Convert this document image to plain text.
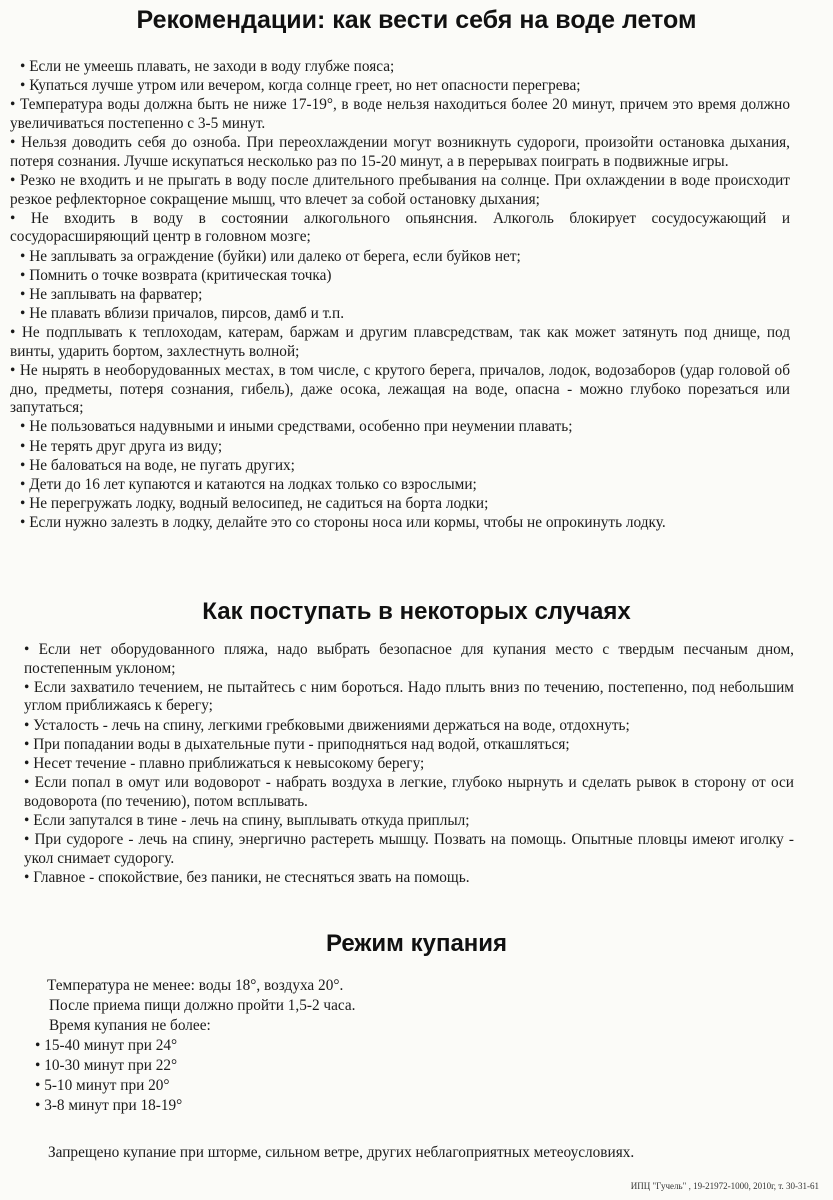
Рекомендации: как вести себя на воде летом

• Если не умеешь плавать, не заходи в воду глубже пояса;

• Купаться лучше утром или вечером, когда солнце греет, но нет опасности перегрева;

• Температура воды должна быть не ниже 17-19°, в воде нельзя находиться более 20 минут, причем это время должно увеличиваться постепенно с 3-5 минут.

• Нельзя доводить себя до озноба. При переохлаждении могут возникнуть судороги, произойти остановка дыхания, потеря сознания. Лучше искупаться несколько раз по 15-20 минут, а в перерывах поиграть в подвижные игры.

• Резко не входить и не прыгать в воду после длительного пребывания на солнце. При охлаждении в воде происходит резкое рефлекторное сокращение мышц, что влечет за собой остановку дыхания;

• Не входить в воду в состоянии алкогольного опьянсния. Алкоголь блокирует сосудосужающий и сосудорасширяющий центр в головном мозге;

• Не заплывать за ограждение (буйки) или далеко от берега, если буйков нет;

• Помнить о точке возврата (критическая точка)

• Не заплывать на фарватер;

• Не плавать вблизи причалов, пирсов, дамб и т.п.

• Не подплывать к теплоходам, катерам, баржам и другим плавсредствам, так как может затянуть под днище, под винты, ударить бортом, захлестнуть волной;

• Не нырять в необорудованных местах, в том числе, с крутого берега, причалов, лодок, водозаборов (удар головой об дно, предметы, потеря сознания, гибель), даже осока, лежащая на воде, опасна - можно глубоко порезаться или запутаться;

• Не пользоваться надувными и иными средствами, особенно при неумении плавать;

• Не терять друг друга из виду;

• Не баловаться на воде, не пугать других;

• Дети до 16 лет купаются и катаются на лодках только со взрослыми;

• Не перегружать лодку, водный велосипед, не садиться на борта лодки;

• Если нужно залезть в лодку, делайте это со стороны носа или кормы, чтобы не опрокинуть лодку.

Как поступать в некоторых случаях

• Если нет оборудованного пляжа, надо выбрать безопасное для купания место с твердым песчаным дном, постепенным уклоном;

• Если захватило течением, не пытайтесь с ним бороться. Надо плыть вниз по течению, постепенно, под небольшим углом приближаясь к берегу;

• Усталость - лечь на спину, легкими гребковыми движениями держаться на воде, отдохнуть;

• При попадании воды в дыхательные пути - приподняться над водой, откашляться;

• Несет течение - плавно приближаться к невысокому берегу;

• Если попал в омут или водоворот - набрать воздуха в легкие, глубоко нырнуть и сделать рывок в сторону от оси водоворота (по течению), потом всплывать.

• Если запутался в тине - лечь на спину, выплывать откуда приплыл;

• При судороге - лечь на спину, энергично растереть мышцу. Позвать на помощь. Опытные пловцы имеют иголку - укол снимает судорогу.

• Главное - спокойствие, без паники, не стесняться звать на помощь.

Режим купания

Температура не менее: воды 18°, воздуха 20°.

После приема пищи должно пройти 1,5-2 часа.

Время купания не более:

• 15-40 минут при 24°

• 10-30 минут при 22°

• 5-10 минут при 20°

• 3-8 минут при 18-19°

Запрещено купание при шторме, сильном ветре, других неблагоприятных метеоусловиях.
ИПЦ "Гучель" , 19-21972-1000, 2010г, т. 30-31-61
